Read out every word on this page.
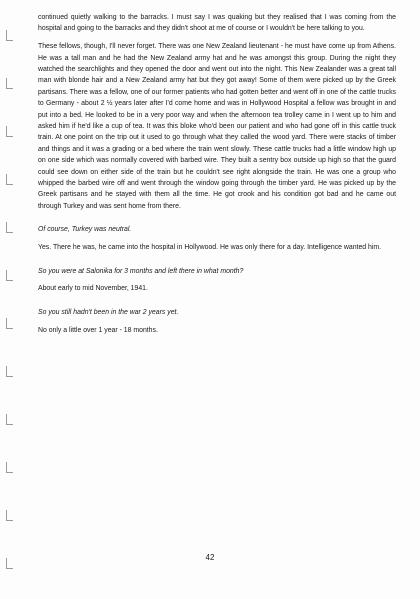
continued quietly walking to the barracks. I must say I was quaking but they realised that I was coming from the hospital and going to the barracks and they didn't shoot at me of course or I wouldn't be here talking to you.

These fellows, though, I'll never forget. There was one New Zealand lieutenant - he must have come up from Athens. He was a tall man and he had the New Zealand army hat and he was amongst this group. During the night they watched the searchlights and they opened the door and went out into the night. This New Zealander was a great tall man with blonde hair and a New Zealand army hat but they got away! Some of them were picked up by the Greek partisans. There was a fellow, one of our former patients who had gotten better and went off in one of the cattle trucks to Germany - about 2 ½ years later after I'd come home and was in Hollywood Hospital a fellow was brought in and put into a bed. He looked to be in a very poor way and when the afternoon tea trolley came in I went up to him and asked him if he'd like a cup of tea. It was this bloke who'd been our patient and who had gone off in this cattle truck train. At one point on the trip out it used to go through what they called the wood yard. There were stacks of timber and things and it was a grading or a bed where the train went slowly. These cattle trucks had a little window high up on one side which was normally covered with barbed wire. They built a sentry box outside up high so that the guard could see down on either side of the train but he couldn't see right alongside the train. He was one a group who whipped the barbed wire off and went through the window going through the timber yard. He was picked up by the Greek partisans and he stayed with them all the time. He got crook and his condition got bad and he came out through Turkey and was sent home from there.

Of course, Turkey was neutral.

Yes. There he was, he came into the hospital in Hollywood. He was only there for a day. Intelligence wanted him.

So you were at Salonika for 3 months and left there in what month?

About early to mid November, 1941.

So you still hadn't been in the war 2 years yet.

No only a little over 1 year - 18 months.

42
